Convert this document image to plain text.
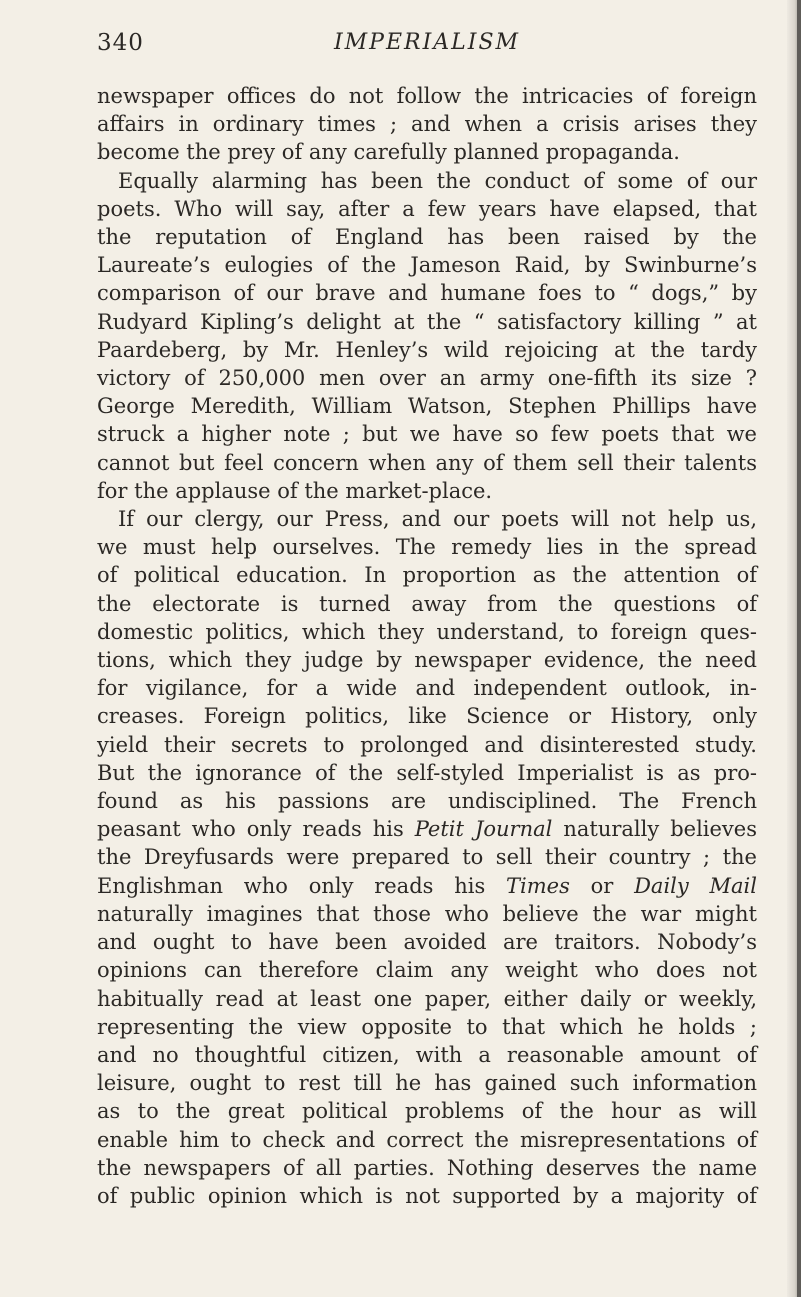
340	IMPERIALISM
newspaper offices do not follow the intricacies of foreign
affairs in ordinary times ; and when a crisis arises they
become the prey of any carefully planned propaganda.
Equally alarming has been the conduct of some of our
poets. Who will say, after a few years have elapsed, that
the reputation of England has been raised by the
Laureate’s eulogies of the Jameson Raid, by Swinburne’s
comparison of our brave and humane foes to “ dogs,” by
Rudyard Kipling’s delight at the “ satisfactory killing ” at
Paardeberg, by Mr. Henley’s wild rejoicing at the tardy
victory of 250,000 men over an army one-fifth its size ?
George Meredith, William Watson, Stephen Phillips have
struck a higher note ; but we have so few poets that we
cannot but feel concern when any of them sell their talents
for the applause of the market-place.
If our clergy, our Press, and our poets will not help us,
we must help ourselves. The remedy lies in the spread
of political education. In proportion as the attention of
the electorate is turned away from the questions of
domestic politics, which they understand, to foreign ques-
tions, which they judge by newspaper evidence, the need
for vigilance, for a wide and independent outlook, in-
creases. Foreign politics, like Science or History, only
yield their secrets to prolonged and disinterested study.
But the ignorance of the self-styled Imperialist is as pro-
found as his passions are undisciplined. The French
peasant who only reads his Petit Journal naturally believes
the Dreyfusards were prepared to sell their country ; the
Englishman who only reads his Times or Daily Mail
naturally imagines that those who believe the war might
and ought to have been avoided are traitors. Nobody’s
opinions can therefore claim any weight who does not
habitually read at least one paper, either daily or weekly,
representing the view opposite to that which he holds ;
and no thoughtful citizen, with a reasonable amount of
leisure, ought to rest till he has gained such information
as to the great political problems of the hour as will
enable him to check and correct the misrepresentations of
the newspapers of all parties. Nothing deserves the name
of public opinion which is not supported by a majority of
